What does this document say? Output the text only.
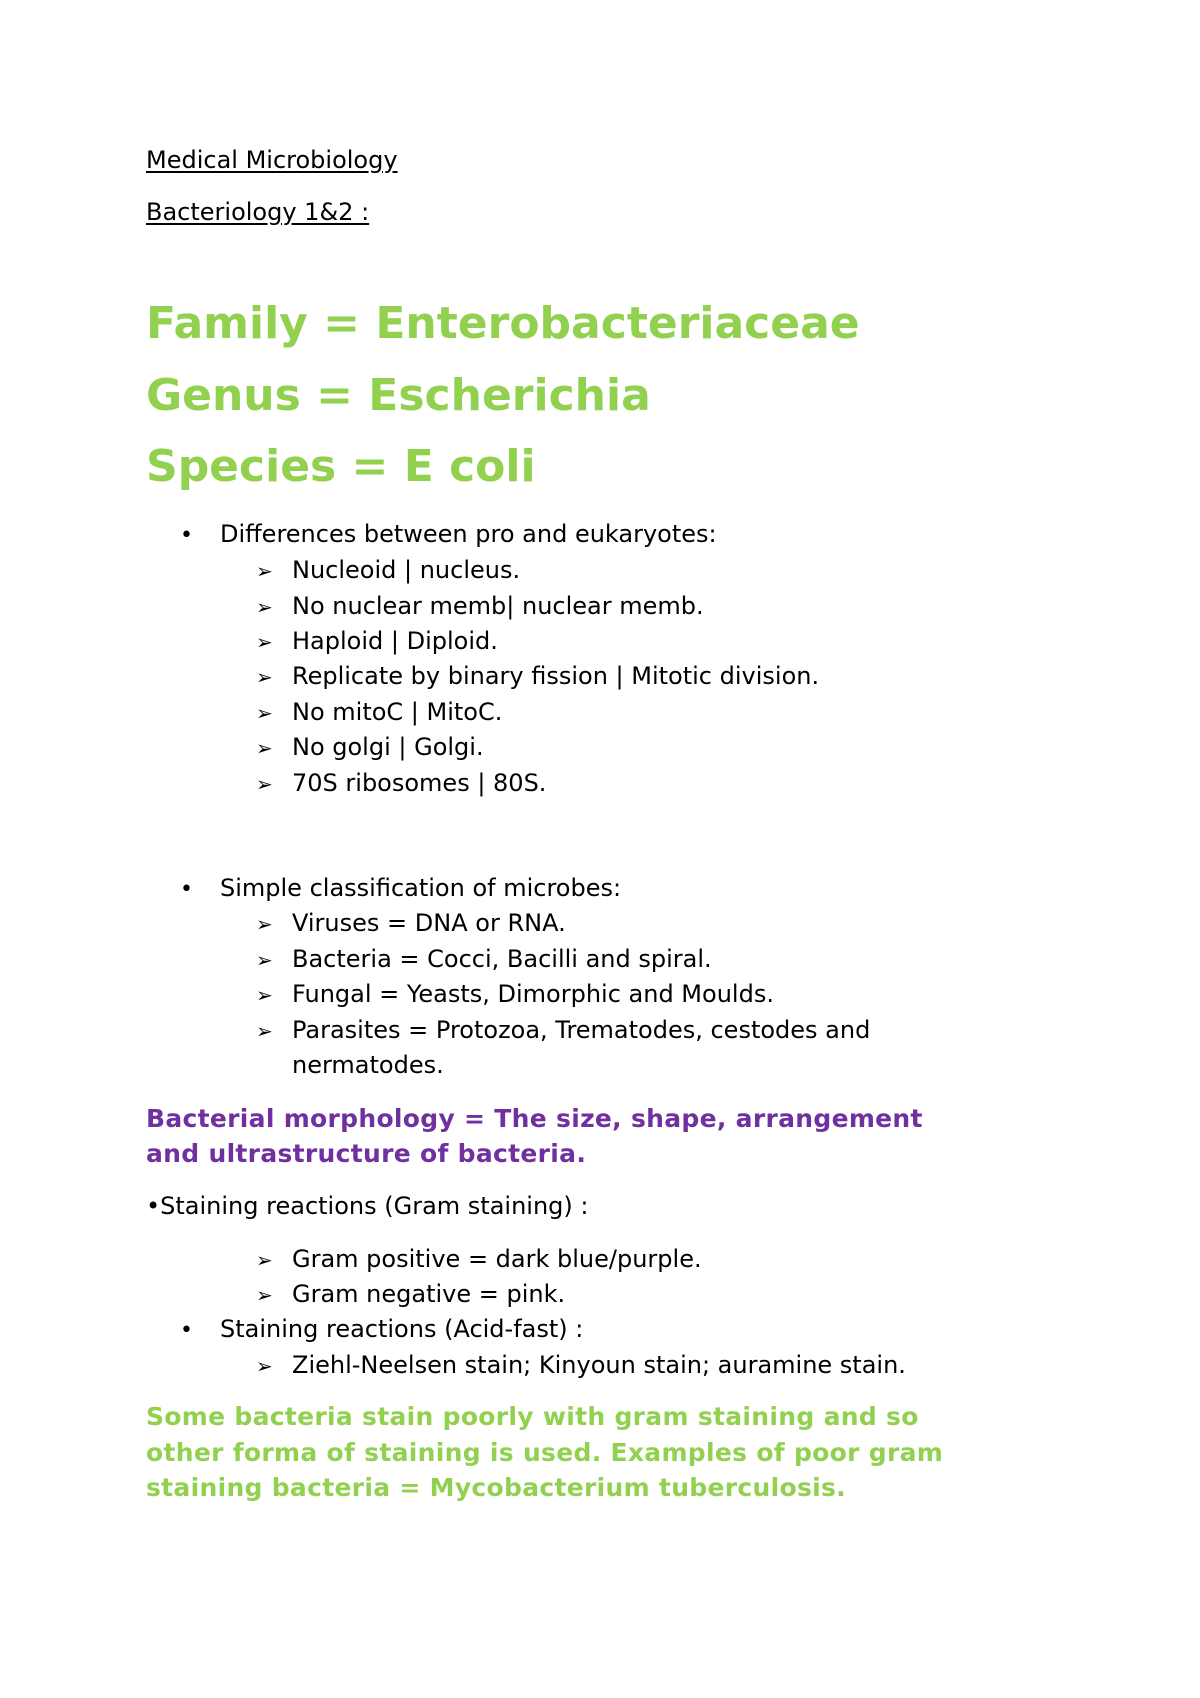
Medical Microbiology
Bacteriology 1&2 :
Family = Enterobacteriaceae
Genus = Escherichia
Species = E coli
• Differences between pro and eukaryotes:
➢ Nucleoid | nucleus.
➢ No nuclear memb| nuclear memb.
➢ Haploid | Diploid.
➢ Replicate by binary fission | Mitotic division.
➢ No mitoC | MitoC.
➢ No golgi | Golgi.
➢ 70S ribosomes | 80S.
• Simple classification of microbes:
➢ Viruses = DNA or RNA.
➢ Bacteria = Cocci, Bacilli and spiral.
➢ Fungal = Yeasts, Dimorphic and Moulds.
➢ Parasites = Protozoa, Trematodes, cestodes and
nermatodes.
Bacterial morphology = The size, shape, arrangement
and ultrastructure of bacteria.
•Staining reactions (Gram staining) :
➢ Gram positive = dark blue/purple.
➢ Gram negative = pink.
• Staining reactions (Acid-fast) :
➢ Ziehl-Neelsen stain; Kinyoun stain; auramine stain.
Some bacteria stain poorly with gram staining and so
other forma of staining is used. Examples of poor gram
staining bacteria = Mycobacterium tuberculosis.
